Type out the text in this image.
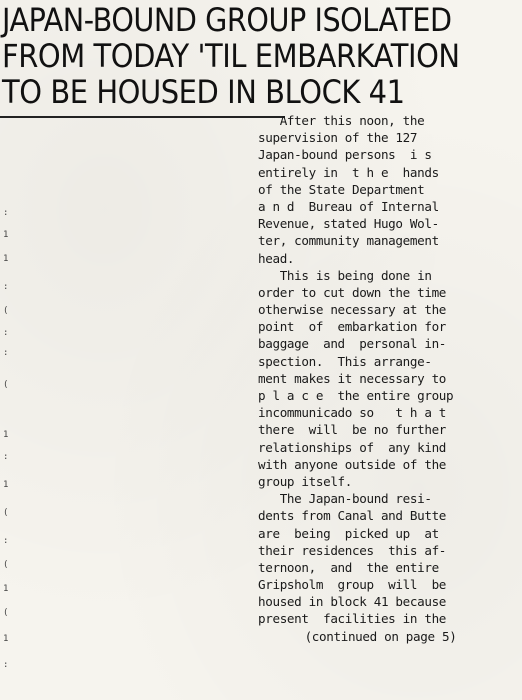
JAPAN-BOUND GROUP ISOLATED
FROM TODAY 'TIL EMBARKATION
TO BE HOUSED IN BLOCK 41
:
1
1
:
(
:
:
(
1
:
1
(
:
(
1
(
1
:
After this noon, the
supervision of the 127
Japan-bound persons  i s
entirely in  t h e  hands
of the State Department
a n d  Bureau of Internal
Revenue, stated Hugo Wol-
ter, community management
head.
This is being done in
order to cut down the time
otherwise necessary at the
point  of  embarkation for
baggage  and  personal in-
spection.  This arrange-
ment makes it necessary to
p l a c e  the entire group
incommunicado so   t h a t
there  will  be no further
relationships of  any kind
with anyone outside of the
group itself.
The Japan-bound resi-
dents from Canal and Butte
are  being  picked up  at
their residences  this af-
ternoon,  and  the entire
Gripsholm  group  will  be
housed in block 41 because
present  facilities in the
(continued on page 5)
